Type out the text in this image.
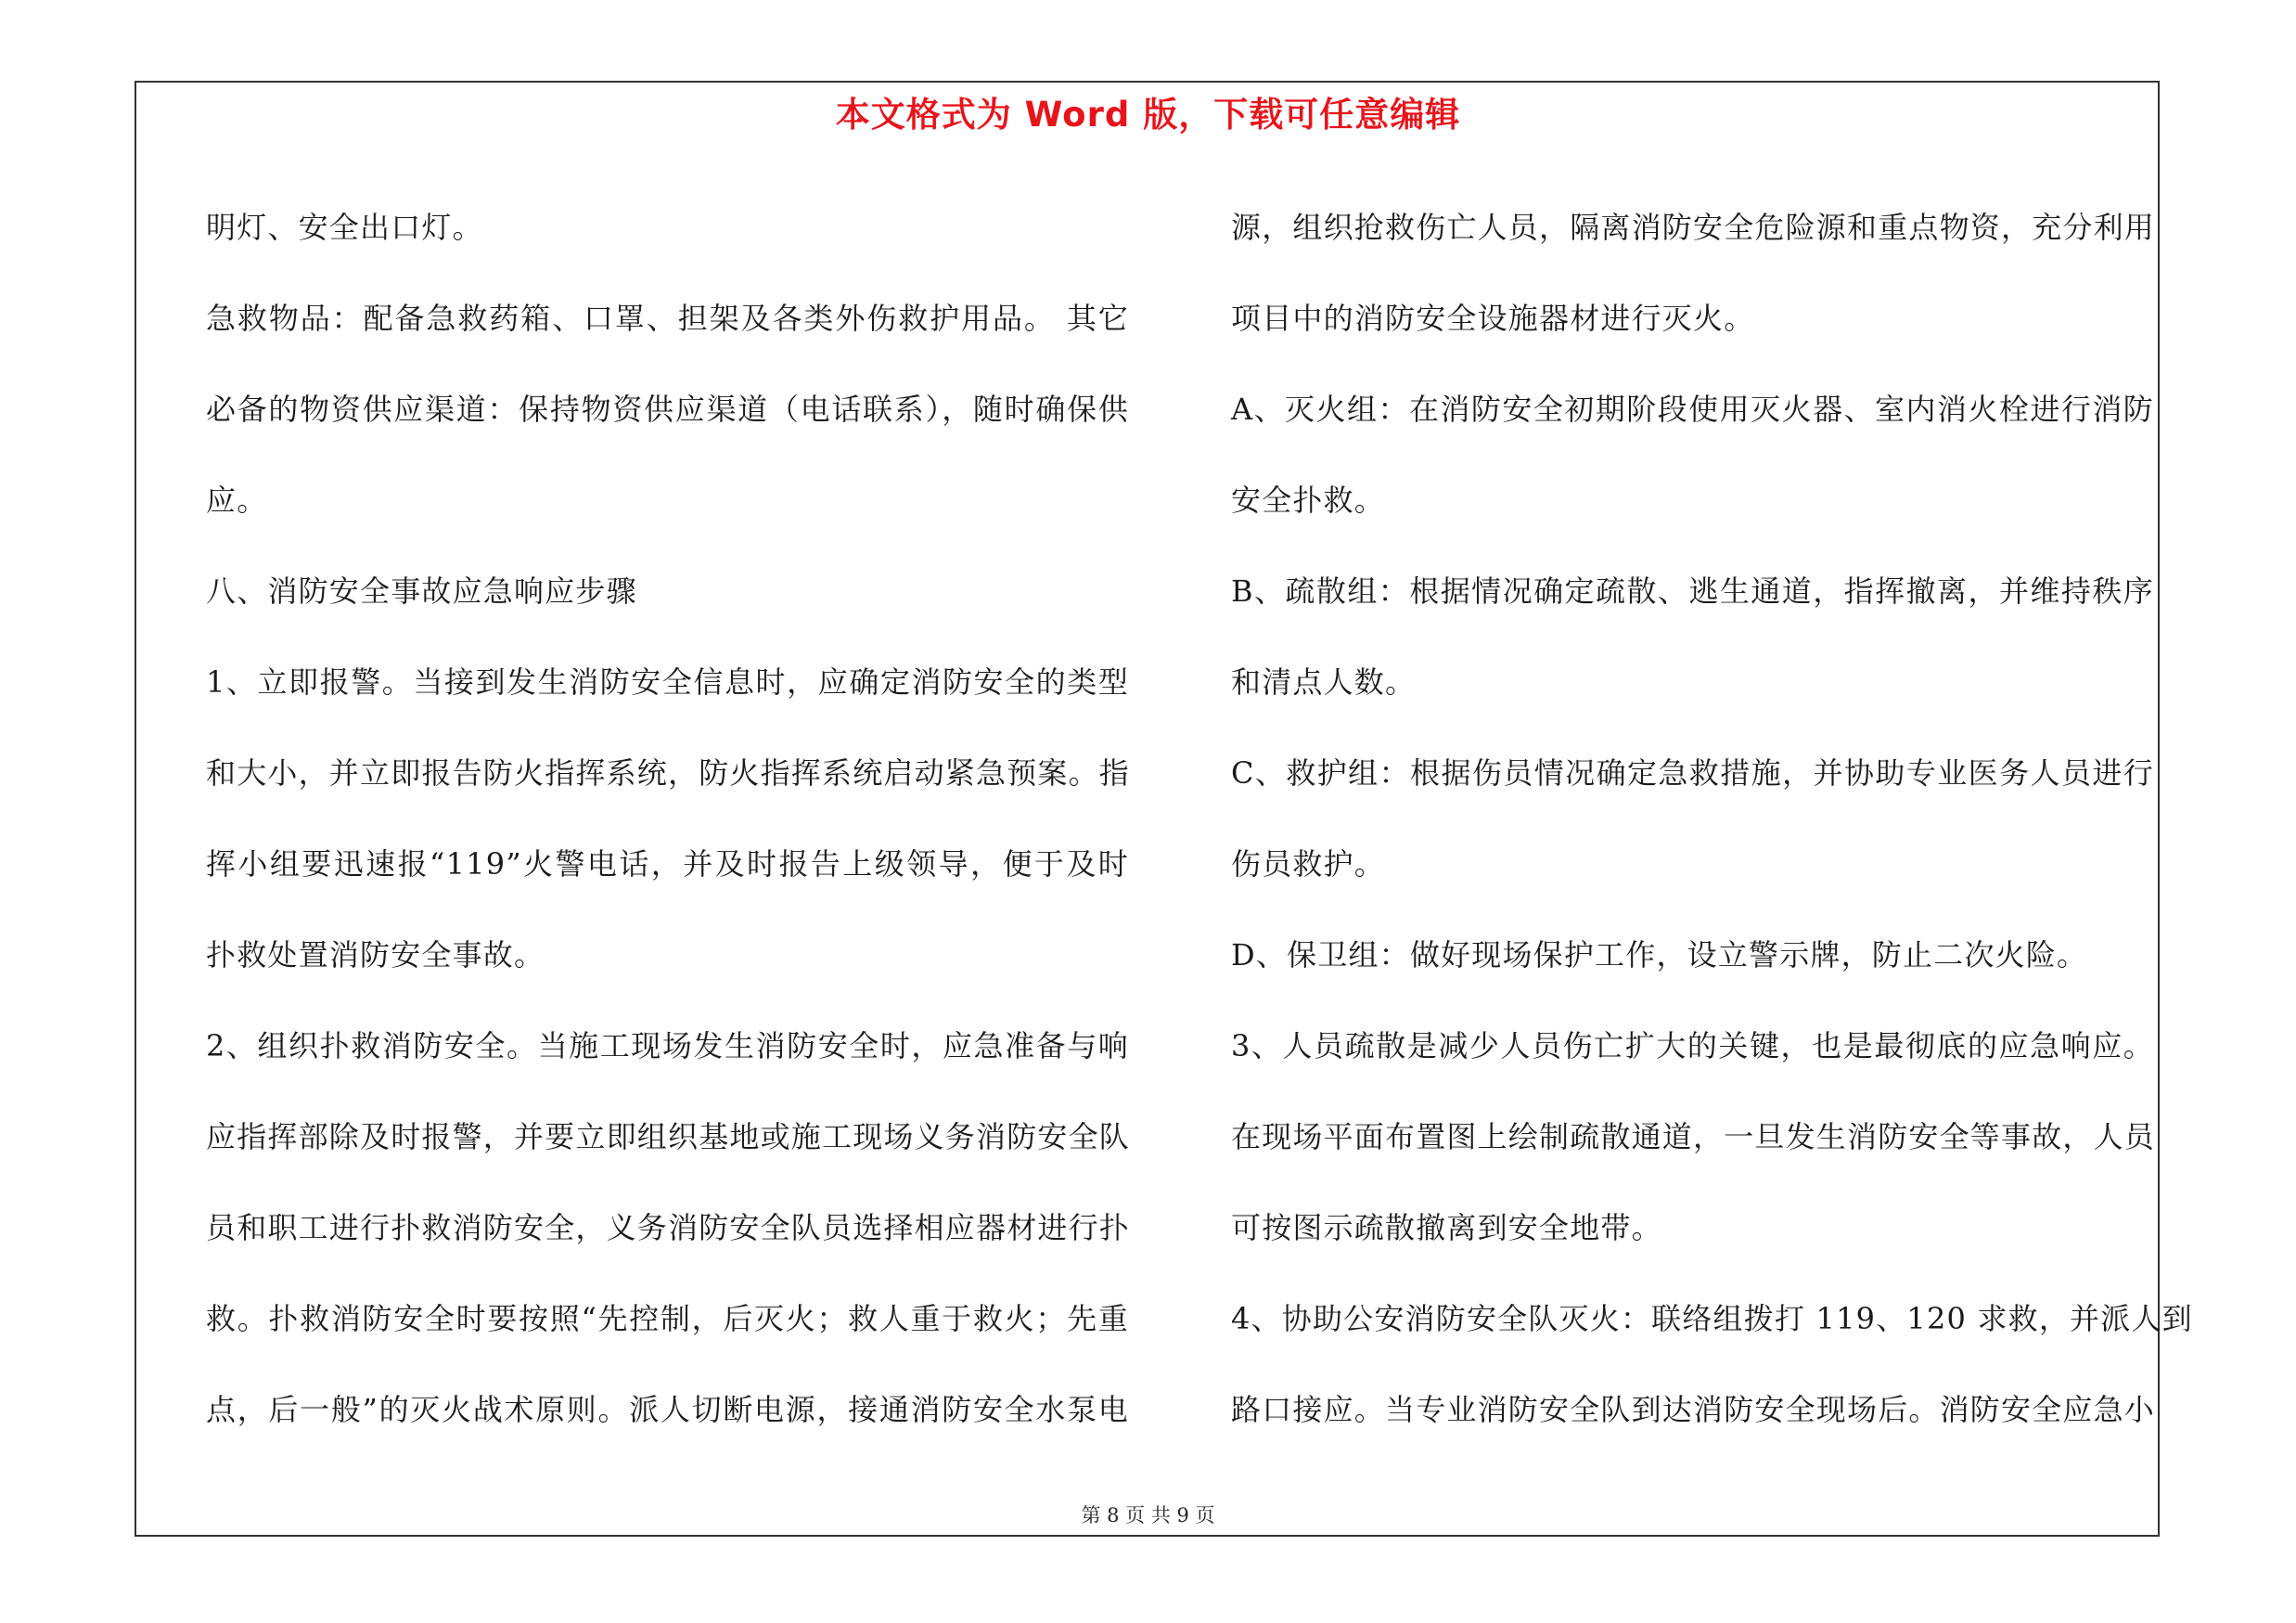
本文格式为 Word 版，下载可任意编辑
明灯、安全出口灯。
急救物品：配备急救药箱、口罩、担架及各类外伤救护用品。 其它
必备的物资供应渠道：保持物资供应渠道（电话联系），随时确保供
应。
八、消防安全事故应急响应步骤
1、立即报警。当接到发生消防安全信息时，应确定消防安全的类型
和大小，并立即报告防火指挥系统，防火指挥系统启动紧急预案。指
挥小组要迅速报“119”火警电话，并及时报告上级领导，便于及时
扑救处置消防安全事故。
2、组织扑救消防安全。当施工现场发生消防安全时，应急准备与响
应指挥部除及时报警，并要立即组织基地或施工现场义务消防安全队
员和职工进行扑救消防安全，义务消防安全队员选择相应器材进行扑
救。扑救消防安全时要按照“先控制，后灭火；救人重于救火；先重
点，后一般”的灭火战术原则。派人切断电源，接通消防安全水泵电
源，组织抢救伤亡人员，隔离消防安全危险源和重点物资，充分利用
项目中的消防安全设施器材进行灭火。
A、灭火组：在消防安全初期阶段使用灭火器、室内消火栓进行消防
安全扑救。
B、疏散组：根据情况确定疏散、逃生通道，指挥撤离，并维持秩序
和清点人数。
C、救护组：根据伤员情况确定急救措施，并协助专业医务人员进行
伤员救护。
D、保卫组：做好现场保护工作，设立警示牌，防止二次火险。
3、人员疏散是减少人员伤亡扩大的关键，也是最彻底的应急响应。
在现场平面布置图上绘制疏散通道，一旦发生消防安全等事故，人员
可按图示疏散撤离到安全地带。
4、协助公安消防安全队灭火：联络组拨打 119、120 求救，并派人到
路口接应。当专业消防安全队到达消防安全现场后。消防安全应急小
第 8 页 共 9 页
